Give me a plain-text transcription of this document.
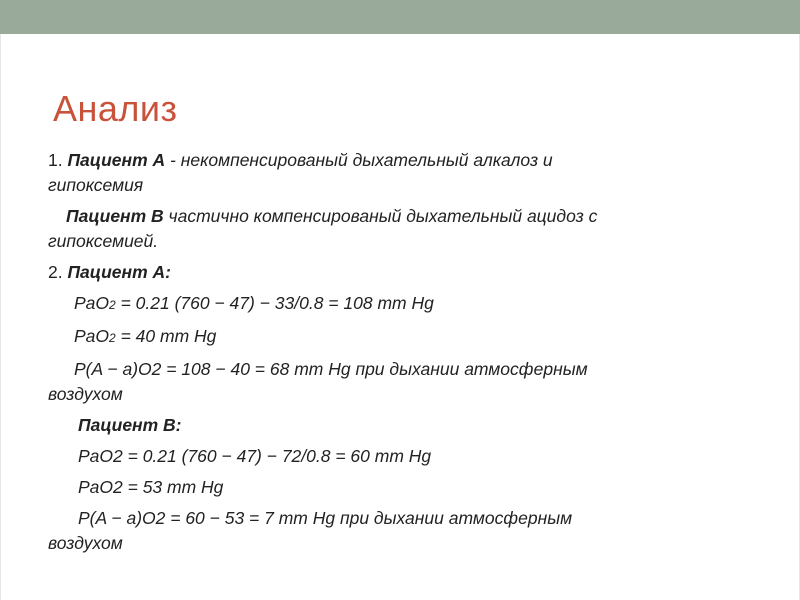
Анализ

1. Пациент А - некомпенсированый дыхательный алкалоз и

гипоксемия

Пациент В частично компенсированый дыхательный ацидоз с

гипоксемией.

2. Пациент А:

PaO2 = 0.21 (760 − 47) − 33/0.8 = 108 mm Hg

PaO2 = 40 mm Hg

P(A − a)O2 = 108 − 40 = 68 mm Hg при дыхании атмосферным

воздухом

Пациент В:

PaO2 = 0.21 (760 − 47) − 72/0.8 = 60 mm Hg

PaO2 = 53 mm Hg

P(A − a)O2 = 60 − 53 = 7 mm Hg при дыхании атмосферным

воздухом
